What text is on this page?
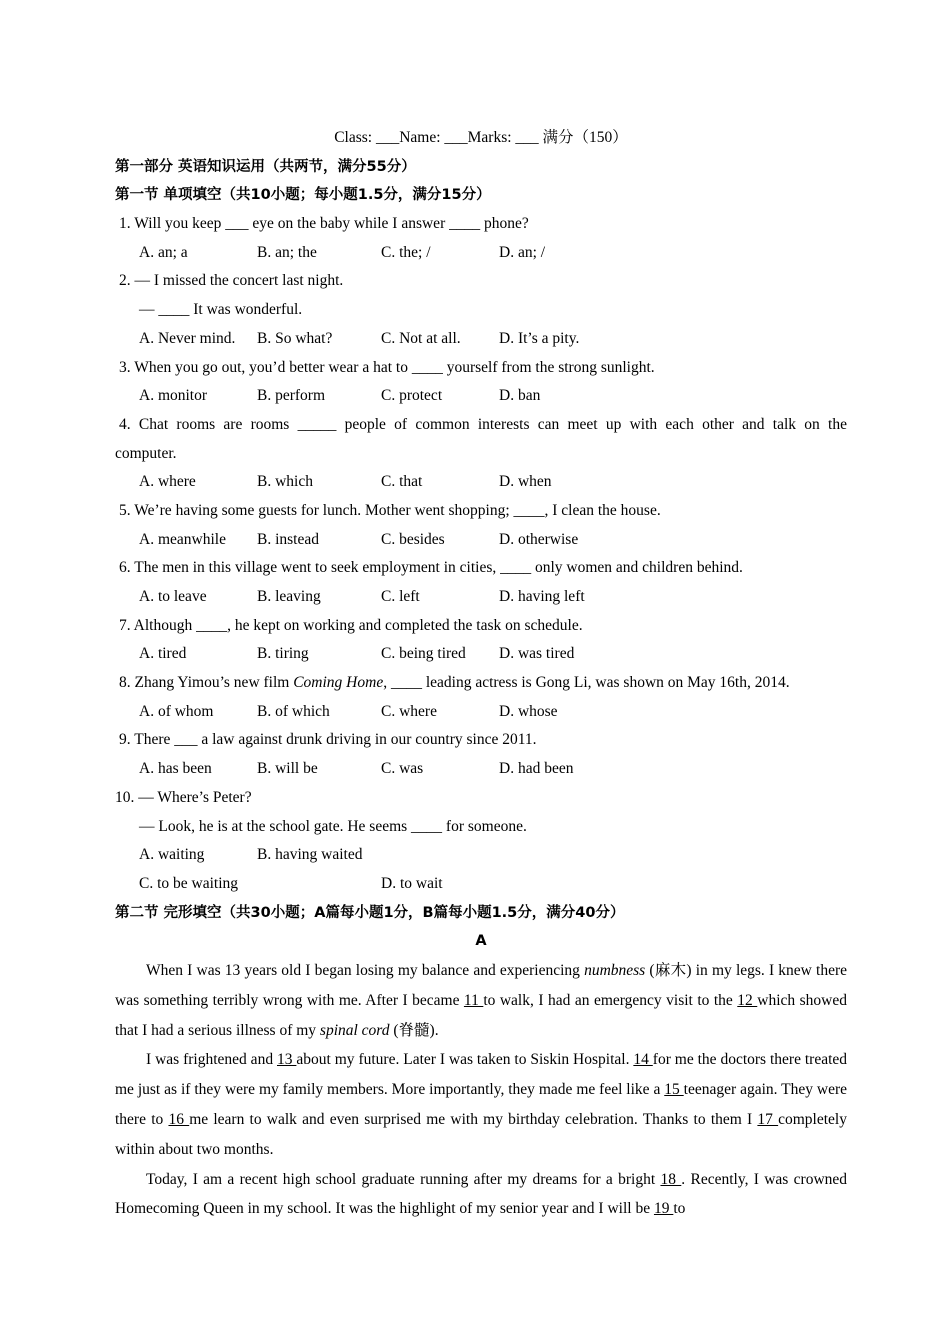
Class: ___Name: ___Marks: ___ 满分（150）
第一部分 英语知识运用（共两节，满分55分）
第一节 单项填空（共10小题；每小题1.5分，满分15分）
1. Will you keep ___ eye on the baby while I answer ____ phone?
A. an; a	B. an; the	C. the; /	D. an; /
2. — I missed the concert last night.
— ____ It was wonderful.
A. Never mind.	B. So what?	C. Not at all.	D. It’s a pity.
3. When you go out, you’d better wear a hat to ____ yourself from the strong sunlight.
A. monitor	B. perform	C. protect	D. ban
4. Chat rooms are rooms _____ people of common interests can meet up with each other and talk on the
computer.
A. where	B. which	C. that	D. when
5. We’re having some guests for lunch. Mother went shopping; ____, I clean the house.
A. meanwhile	B. instead	C. besides	D. otherwise
6. The men in this village went to seek employment in cities, ____ only women and children behind.
A. to leave	B. leaving	C. left	D. having left
7. Although ____, he kept on working and completed the task on schedule.
A. tired	B. tiring	C. being tired	D. was tired
8. Zhang Yimou’s new film Coming Home, ____ leading actress is Gong Li, was shown on May 16th, 2014.
A. of whom	B. of which	C. where	D. whose
9. There ___ a law against drunk driving in our country since 2011.
A. has been	B. will be	C. was	D. had been
10. — Where’s Peter?
— Look, he is at the school gate. He seems ____ for someone.
A. waiting	B. having waited
C. to be waiting	D. to wait
第二节 完形填空（共30小题；A篇每小题1分，B篇每小题1.5分，满分40分）
A
When I was 13 years old I began losing my balance and experiencing numbness (麻木) in my legs. I knew there was something terribly wrong with me. After I became 11 to walk, I had an emergency visit to the 12 which showed that I had a serious illness of my spinal cord (脊髓).
I was frightened and 13 about my future. Later I was taken to Siskin Hospital. 14 for me the doctors there treated me just as if they were my family members. More importantly, they made me feel like a 15 teenager again. They were there to 16 me learn to walk and even surprised me with my birthday celebration. Thanks to them I 17 completely within about two months.
Today, I am a recent high school graduate running after my dreams for a bright 18 . Recently, I was crowned Homecoming Queen in my school. It was the highlight of my senior year and I will be 19 to
